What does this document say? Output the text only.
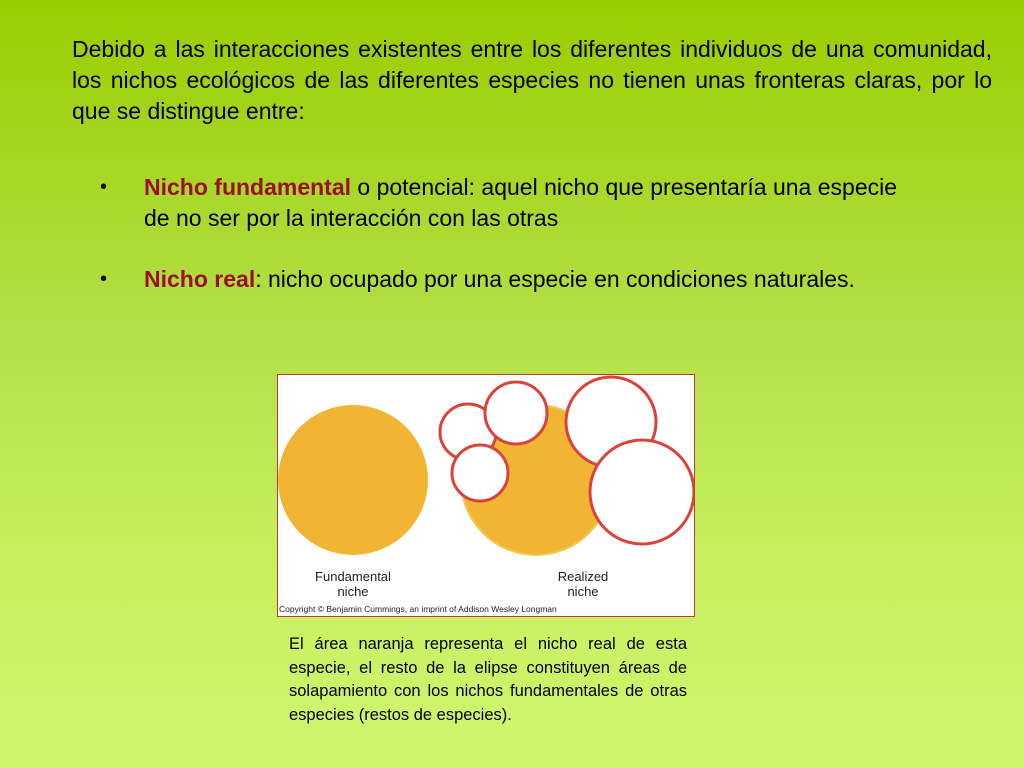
Debido a las interacciones existentes entre los diferentes individuos de una comunidad, los nichos ecológicos de las diferentes especies no tienen unas fronteras claras, por lo que se distingue entre:

• Nicho fundamental o potencial: aquel nicho que presentaría una especie de no ser por la interacción con las otras
• Nicho real: nicho ocupado por una especie en condiciones naturales.
Fundamental
niche
Realized
niche
Copyright © Benjamin Cummings, an imprint of Addison Wesley Longman

El área naranja representa el nicho real de esta especie, el resto de la elipse constituyen áreas de solapamiento con los nichos fundamentales de otras especies (restos de especies).
